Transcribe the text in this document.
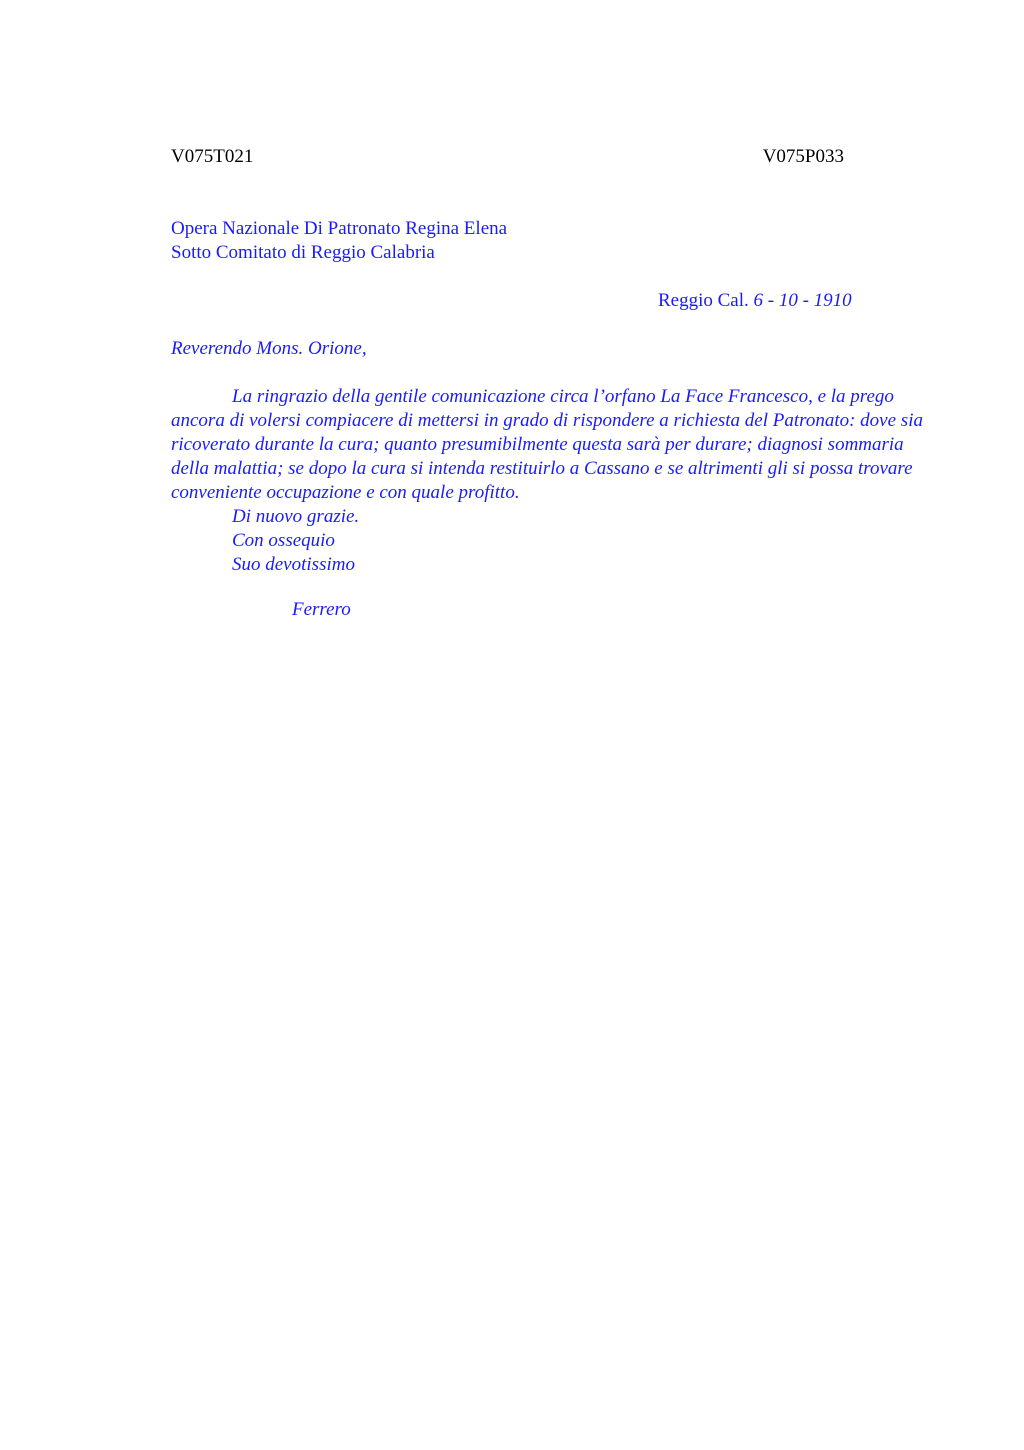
V075T021	V075P033
Opera Nazionale Di Patronato Regina Elena
Sotto Comitato di Reggio Calabria
Reggio Cal. 6 - 10 - 1910
Reverendo Mons. Orione,

La ringrazio della gentile comunicazione circa l’orfano La Face Francesco, e la prego ancora di volersi compiacere di mettersi in grado di rispondere a richiesta del Patronato: dove sia ricoverato durante la cura; quanto presumibilmente questa sarà per durare; diagnosi sommaria della malattia; se dopo la cura si intenda restituirlo a Cassano e se altrimenti gli si possa trovare conveniente occupazione e con quale profitto.

Di nuovo grazie.

Con ossequio

Suo devotissimo

Ferrero
